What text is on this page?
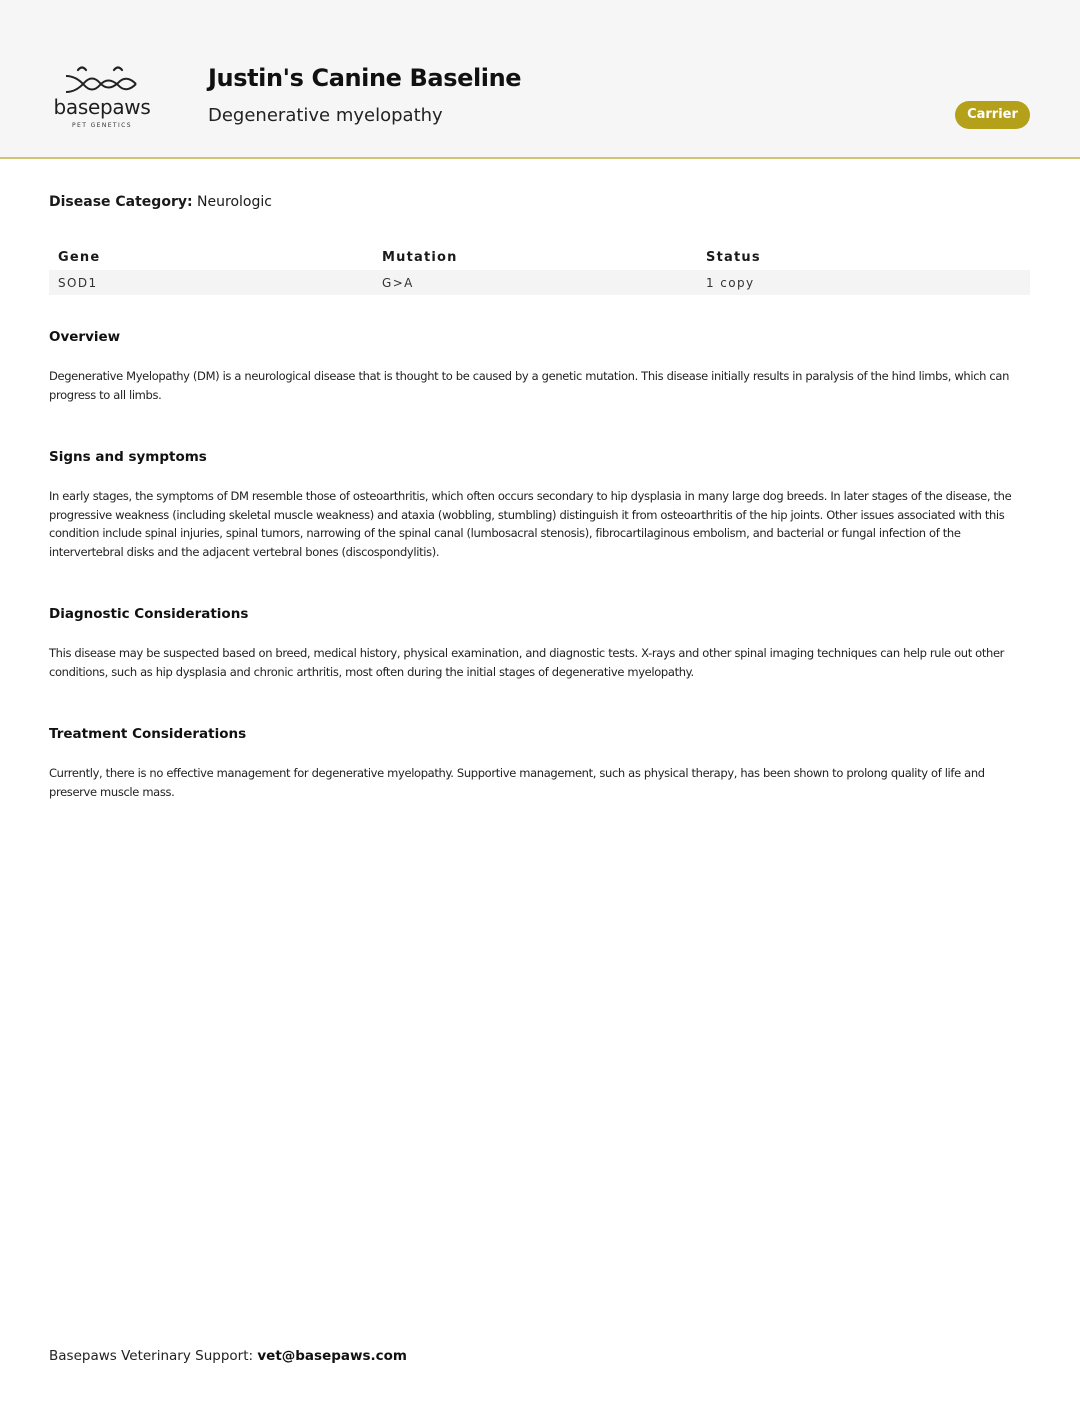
basepaws
PET GENETICS
Justin's Canine Baseline
Degenerative myelopathy	Carrier
Disease Category: Neurologic
Gene	Mutation	Status
SOD1	G>A	1 copy
Overview
Degenerative Myelopathy (DM) is a neurological disease that is thought to be caused by a genetic mutation. This disease initially results in paralysis of the hind limbs, which can progress to all limbs.
Signs and symptoms
In early stages, the symptoms of DM resemble those of osteoarthritis, which often occurs secondary to hip dysplasia in many large dog breeds. In later stages of the disease, the progressive weakness (including skeletal muscle weakness) and ataxia (wobbling, stumbling) distinguish it from osteoarthritis of the hip joints. Other issues associated with this condition include spinal injuries, spinal tumors, narrowing of the spinal canal (lumbosacral stenosis), fibrocartilaginous embolism, and bacterial or fungal infection of the intervertebral disks and the adjacent vertebral bones (discospondylitis).
Diagnostic Considerations
This disease may be suspected based on breed, medical history, physical examination, and diagnostic tests. X-rays and other spinal imaging techniques can help rule out other conditions, such as hip dysplasia and chronic arthritis, most often during the initial stages of degenerative myelopathy.
Treatment Considerations
Currently, there is no effective management for degenerative myelopathy. Supportive management, such as physical therapy, has been shown to prolong quality of life and preserve muscle mass.
Basepaws Veterinary Support: vet@basepaws.com
